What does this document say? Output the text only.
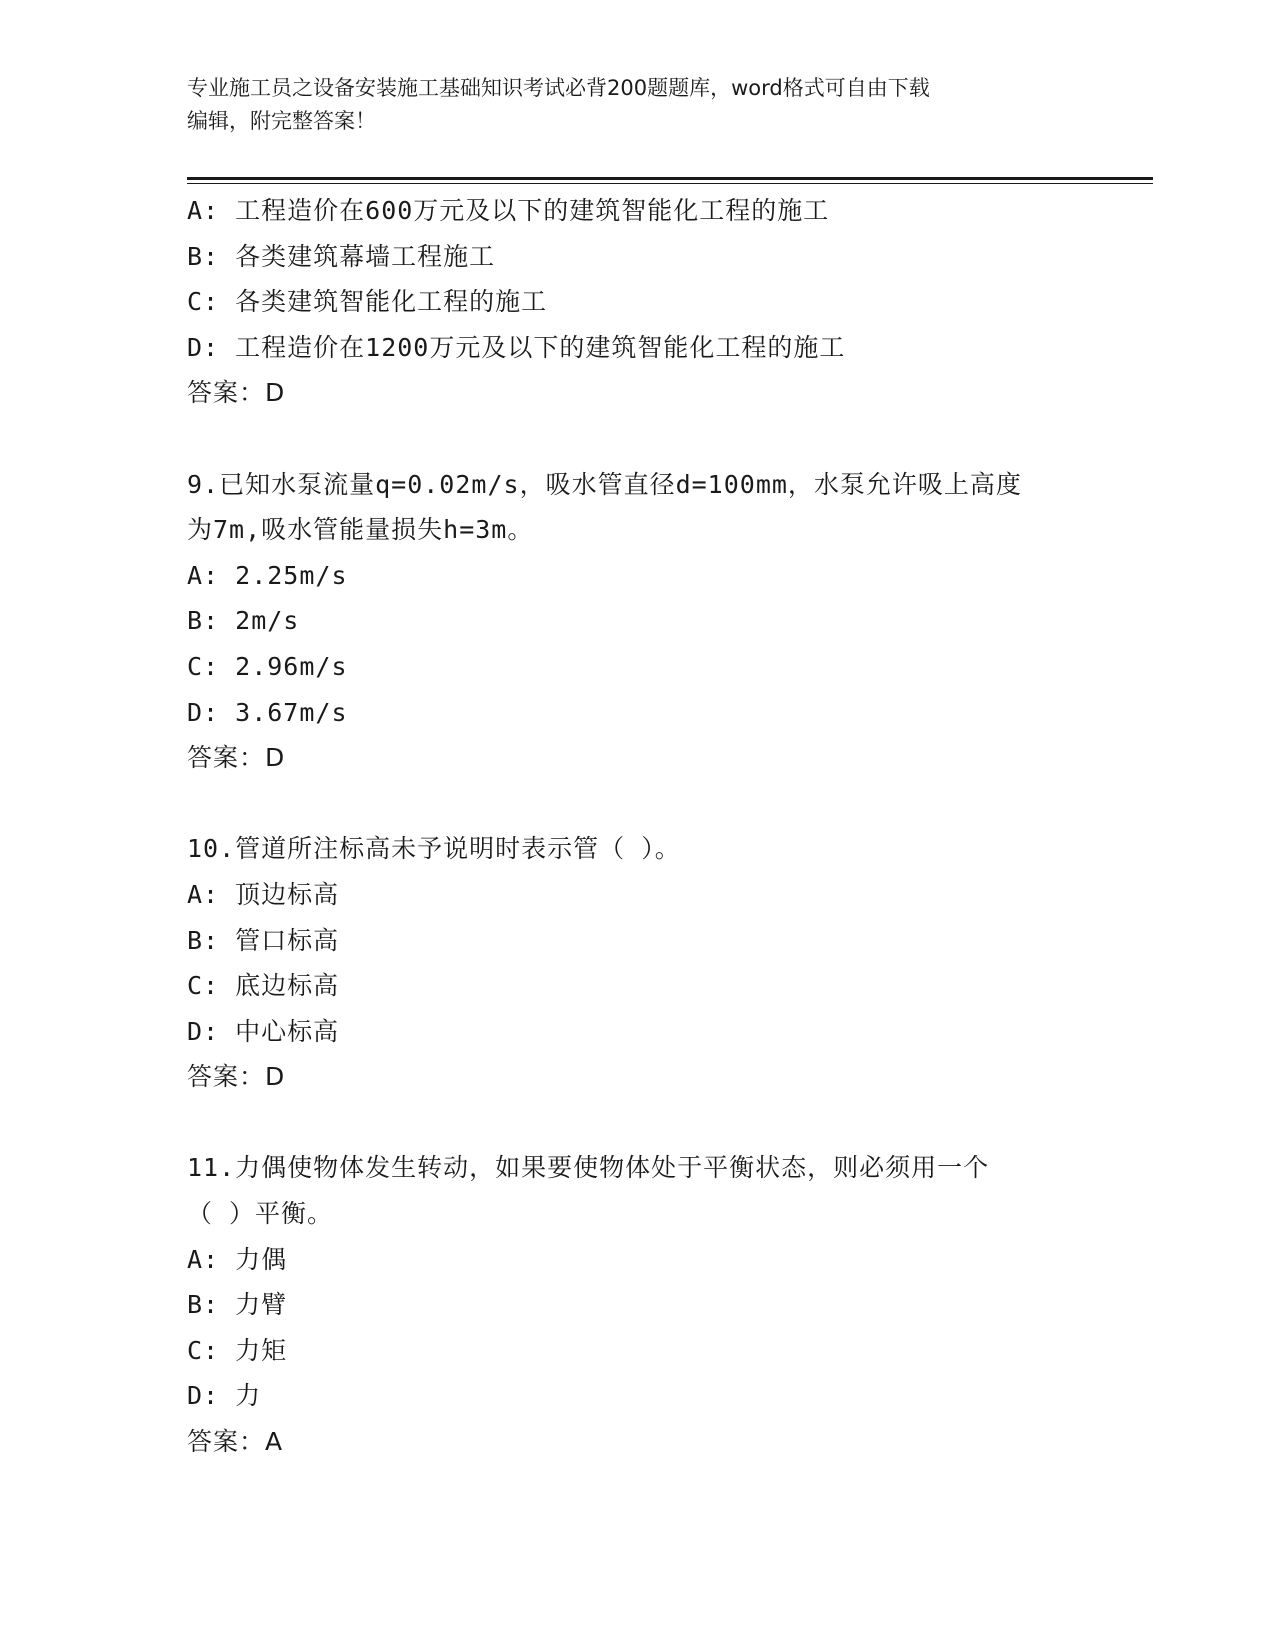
专业施工员之设备安装施工基础知识考试必背200题题库，word格式可自由下载
编辑，附完整答案！
A: 工程造价在600万元及以下的建筑智能化工程的施工
B: 各类建筑幕墙工程施工
C: 各类建筑智能化工程的施工
D: 工程造价在1200万元及以下的建筑智能化工程的施工
答案：D
9.已知水泵流量q=0.02m/s，吸水管直径d=100mm，水泵允许吸上高度
为7m,吸水管能量损失h=3m。
A: 2.25m/s
B: 2m/s
C: 2.96m/s
D: 3.67m/s
答案：D
10.管道所注标高未予说明时表示管（ ）。
A: 顶边标高
B: 管口标高
C: 底边标高
D: 中心标高
答案：D
11.力偶使物体发生转动，如果要使物体处于平衡状态，则必须用一个
（ ）平衡。
A: 力偶
B: 力臂
C: 力矩
D: 力
答案：A
